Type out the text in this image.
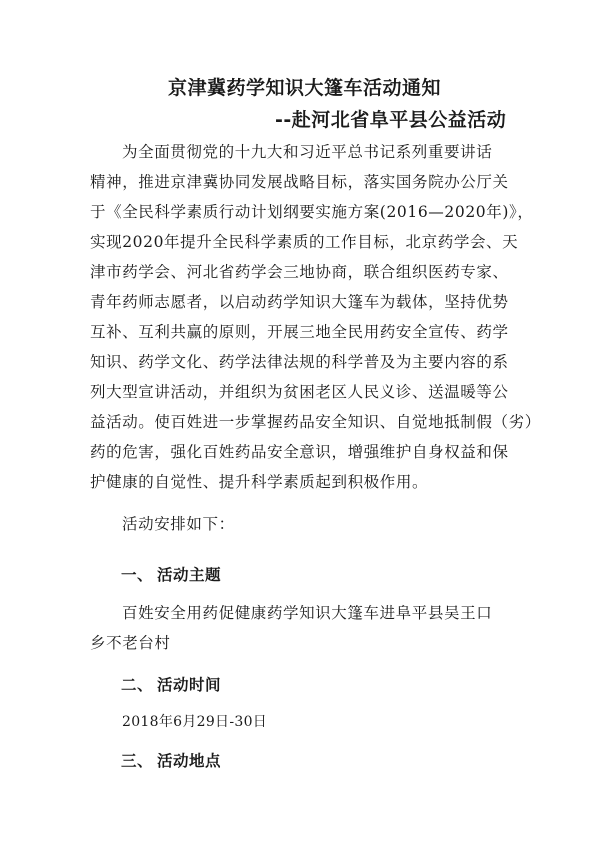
京津冀药学知识大篷车活动通知
--赴河北省阜平县公益活动
为全面贯彻党的十九大和习近平总书记系列重要讲话
精神，推进京津冀协同发展战略目标，落实国务院办公厅关
于《全民科学素质行动计划纲要实施方案(2016—2020年)》，
实现2020年提升全民科学素质的工作目标，北京药学会、天
津市药学会、河北省药学会三地协商，联合组织医药专家、
青年药师志愿者，以启动药学知识大篷车为载体，坚持优势
互补、互利共赢的原则，开展三地全民用药安全宣传、药学
知识、药学文化、药学法律法规的科学普及为主要内容的系
列大型宣讲活动，并组织为贫困老区人民义诊、送温暖等公
益活动。使百姓进一步掌握药品安全知识、自觉地抵制假（劣）
药的危害，强化百姓药品安全意识，增强维护自身权益和保
护健康的自觉性、提升科学素质起到积极作用。
活动安排如下：
一、 活动主题
百姓安全用药促健康药学知识大篷车进阜平县吴王口
乡不老台村
二、 活动时间
2018年6月29日-30日
三、 活动地点
